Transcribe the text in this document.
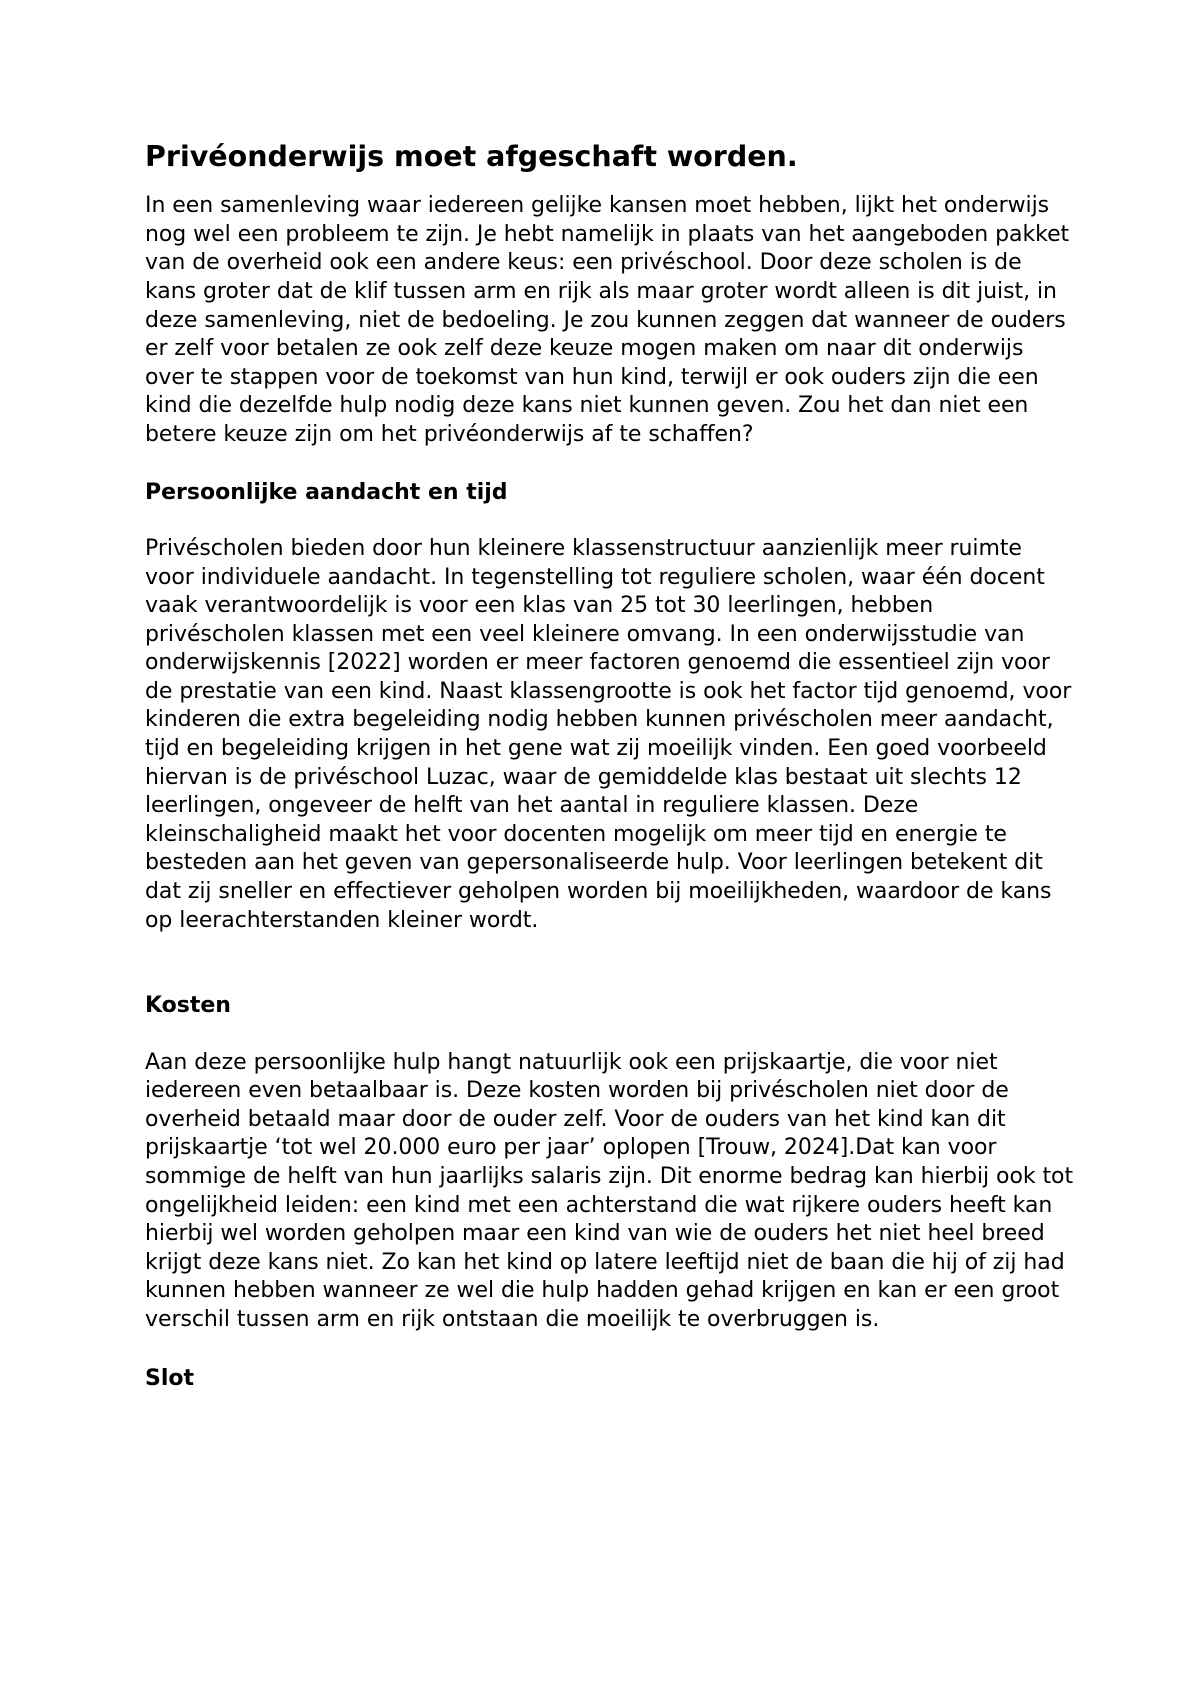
Privéonderwijs moet afgeschaft worden.

In een samenleving waar iedereen gelijke kansen moet hebben, lijkt het onderwijs nog wel een probleem te zijn. Je hebt namelijk in plaats van het aangeboden pakket van de overheid ook een andere keus: een privéschool. Door deze scholen is de kans groter dat de klif tussen arm en rijk als maar groter wordt alleen is dit juist, in deze samenleving, niet de bedoeling. Je zou kunnen zeggen dat wanneer de ouders er zelf voor betalen ze ook zelf deze keuze mogen maken om naar dit onderwijs over te stappen voor de toekomst van hun kind, terwijl er ook ouders zijn die een kind die dezelfde hulp nodig deze kans niet kunnen geven. Zou het dan niet een betere keuze zijn om het privéonderwijs af te schaffen?

Persoonlijke aandacht en tijd

Privéscholen bieden door hun kleinere klassenstructuur aanzienlijk meer ruimte voor individuele aandacht. In tegenstelling tot reguliere scholen, waar één docent vaak verantwoordelijk is voor een klas van 25 tot 30 leerlingen, hebben privéscholen klassen met een veel kleinere omvang. In een onderwijsstudie van onderwijskennis [2022] worden er meer factoren genoemd die essentieel zijn voor de prestatie van een kind. Naast klassengrootte is ook het factor tijd genoemd, voor kinderen die extra begeleiding nodig hebben kunnen privéscholen meer aandacht, tijd en begeleiding krijgen in het gene wat zij moeilijk vinden. Een goed voorbeeld hiervan is de privéschool Luzac, waar de gemiddelde klas bestaat uit slechts 12 leerlingen, ongeveer de helft van het aantal in reguliere klassen. Deze kleinschaligheid maakt het voor docenten mogelijk om meer tijd en energie te besteden aan het geven van gepersonaliseerde hulp. Voor leerlingen betekent dit dat zij sneller en effectiever geholpen worden bij moeilijkheden, waardoor de kans op leerachterstanden kleiner wordt.

Kosten

Aan deze persoonlijke hulp hangt natuurlijk ook een prijskaartje, die voor niet iedereen even betaalbaar is. Deze kosten worden bij privéscholen niet door de overheid betaald maar door de ouder zelf. Voor de ouders van het kind kan dit prijskaartje ‘tot wel 20.000 euro per jaar’ oplopen [Trouw, 2024].Dat kan voor sommige de helft van hun jaarlijks salaris zijn. Dit enorme bedrag kan hierbij ook tot ongelijkheid leiden: een kind met een achterstand die wat rijkere ouders heeft kan hierbij wel worden geholpen maar een kind van wie de ouders het niet heel breed krijgt deze kans niet. Zo kan het kind op latere leeftijd niet de baan die hij of zij had kunnen hebben wanneer ze wel die hulp hadden gehad krijgen en kan er een groot verschil tussen arm en rijk ontstaan die moeilijk te overbruggen is.

Slot
